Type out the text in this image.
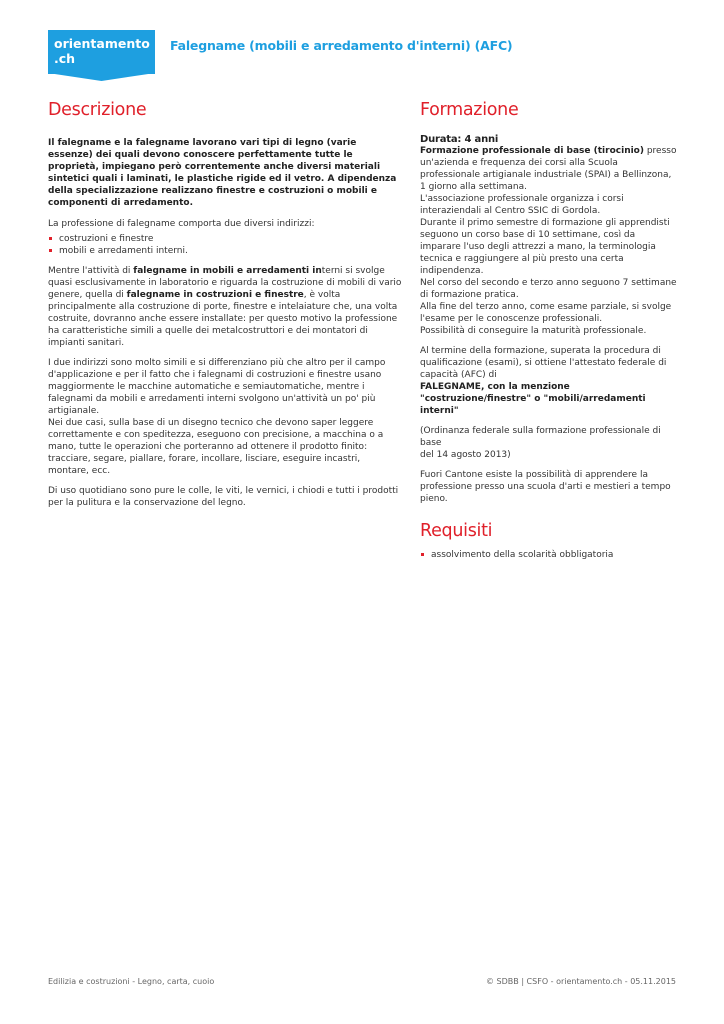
orientamento
.ch
Falegname (mobili e arredamento d'interni) (AFC)
Descrizione

Il falegname e la falegname lavorano vari tipi di legno (varie essenze) dei quali devono conoscere perfettamente tutte le proprietà, impiegano però correntemente anche diversi materiali sintetici quali i laminati, le plastiche rigide ed il vetro. A dipendenza della specializzazione realizzano finestre e costruzioni o mobili e componenti di arredamento.

La professione di falegname comporta due diversi indirizzi:

costruzioni e finestre
mobili e arredamenti interni.

Mentre l'attività di falegname in mobili e arredamenti interni si svolge quasi esclusivamente in laboratorio e riguarda la costruzione di mobili di vario genere, quella di falegname in costruzioni e finestre, è volta principalmente alla costruzione di porte, finestre e intelaiature che, una volta costruite, dovranno anche essere installate: per questo motivo la professione ha caratteristiche simili a quelle dei metalcostruttori e dei montatori di impianti sanitari.

I due indirizzi sono molto simili e si differenziano più che altro per il campo d'applicazione e per il fatto che i falegnami di costruzioni e finestre usano maggiormente le macchine automatiche e semiautomatiche, mentre i falegnami da mobili e arredamenti interni svolgono un'attività un po' più artigianale.

Nei due casi, sulla base di un disegno tecnico che devono saper leggere correttamente e con speditezza, eseguono con precisione, a macchina o a mano, tutte le operazioni che porteranno ad ottenere il prodotto finito: tracciare, segare, piallare, forare, incollare, lisciare, eseguire incastri, montare, ecc.

Di uso quotidiano sono pure le colle, le viti, le vernici, i chiodi e tutti i prodotti per la pulitura e la conservazione del legno.

Formazione
Durata: 4 anni

Formazione professionale di base (tirocinio) presso un'azienda e frequenza dei corsi alla Scuola professionale artigianale industriale (SPAI) a Bellinzona, 1 giorno alla settimana.

L'associazione professionale organizza i corsi interaziendali al Centro SSIC di Gordola.

Durante il primo semestre di formazione gli apprendisti seguono un corso base di 10 settimane, così da imparare l'uso degli attrezzi a mano, la terminologia tecnica e raggiungere al più presto una certa indipendenza.

Nel corso del secondo e terzo anno seguono 7 settimane di formazione pratica.

Alla fine del terzo anno, come esame parziale, si svolge l'esame per le conoscenze professionali.

Possibilità di conseguire la maturità professionale.

Al termine della formazione, superata la procedura di qualificazione (esami), si ottiene l'attestato federale di capacità (AFC) di

FALEGNAME, con la menzione

"costruzione/finestre" o "mobili/arredamenti interni"

(Ordinanza federale sulla formazione professionale di base

del 14 agosto 2013)

Fuori Cantone esiste la possibilità di apprendere la professione presso una scuola d'arti e mestieri a tempo pieno.

Requisiti
assolvimento della scolarità obbligatoria
Edilizia e costruzioni - Legno, carta, cuoio	© SDBB | CSFO - orientamento.ch - 05.11.2015
